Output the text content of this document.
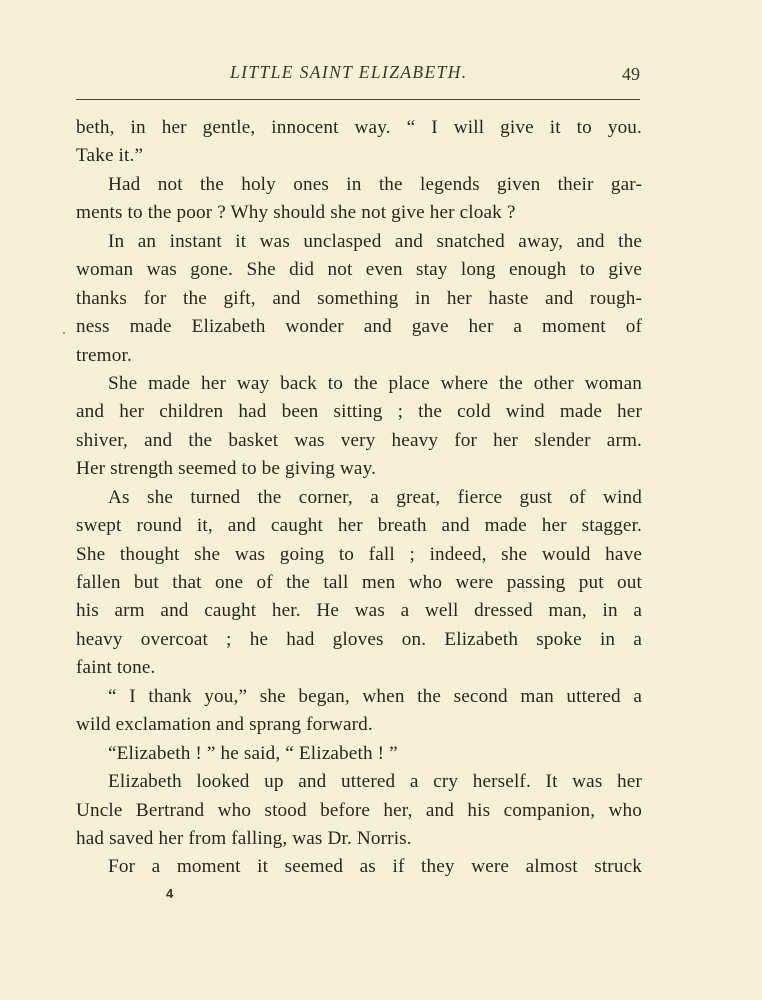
LITTLE SAINT ELIZABETH.	49
beth, in her gentle, innocent way. “ I will give it to you.
Take it.”
Had not the holy ones in the legends given their gar-
ments to the poor ? Why should she not give her cloak ?
In an instant it was unclasped and snatched away, and the
woman was gone. She did not even stay long enough to give
thanks for the gift, and something in her haste and rough-
ness made Elizabeth wonder and gave her a moment of
tremor.
She made her way back to the place where the other woman
and her children had been sitting ; the cold wind made her
shiver, and the basket was very heavy for her slender arm.
Her strength seemed to be giving way.
As she turned the corner, a great, fierce gust of wind
swept round it, and caught her breath and made her stagger.
She thought she was going to fall ; indeed, she would have
fallen but that one of the tall men who were passing put out
his arm and caught her. He was a well dressed man, in a
heavy overcoat ; he had gloves on. Elizabeth spoke in a
faint tone.
“ I thank you,” she began, when the second man uttered a
wild exclamation and sprang forward.
“Elizabeth ! ” he said, “ Elizabeth ! ”
Elizabeth looked up and uttered a cry herself. It was her
Uncle Bertrand who stood before her, and his companion, who
had saved her from falling, was Dr. Norris.
For a moment it seemed as if they were almost struck
4
